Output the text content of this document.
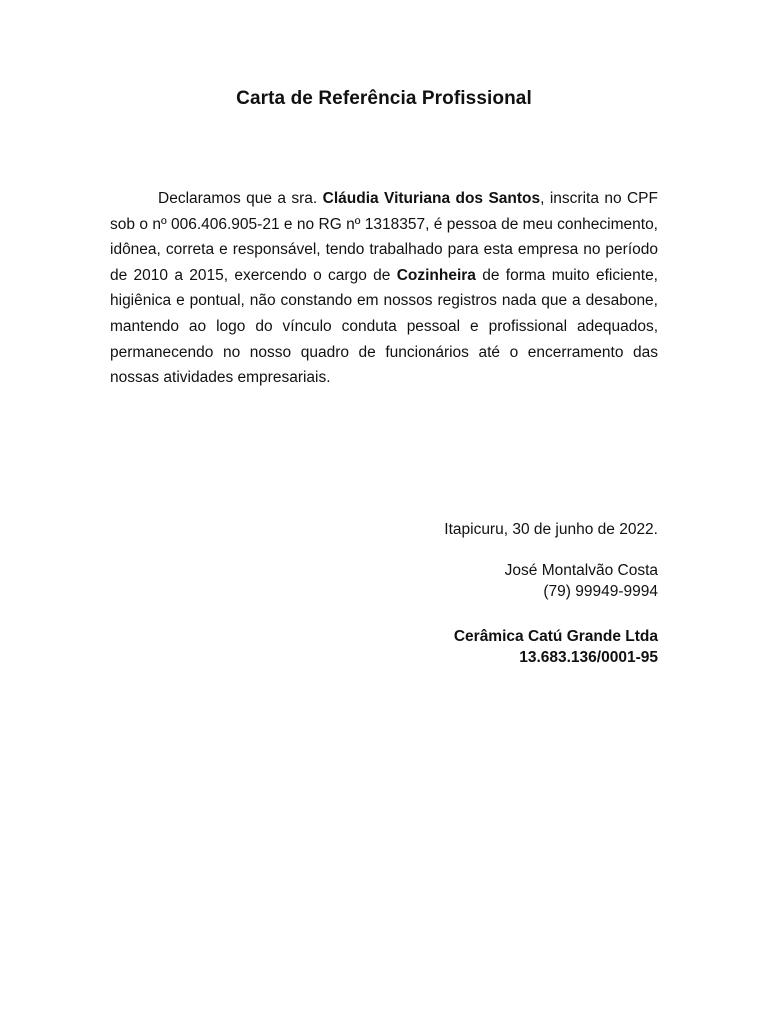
Carta de Referência Profissional

Declaramos que a sra. Cláudia Vituriana dos Santos, inscrita no CPF sob o nº 006.406.905-21 e no RG nº 1318357, é pessoa de meu conhecimento, idônea, correta e responsável, tendo trabalhado para esta empresa no período de 2010 a 2015, exercendo o cargo de Cozinheira de forma muito eficiente, higiênica e pontual, não constando em nossos registros nada que a desabone, mantendo ao logo do vínculo conduta pessoal e profissional adequados, permanecendo no nosso quadro de funcionários até o encerramento das nossas atividades empresariais.

Itapicuru, 30 de junho de 2022.
José Montalvão Costa
(79) 99949-9994
Cerâmica Catú Grande Ltda
13.683.136/0001-95
